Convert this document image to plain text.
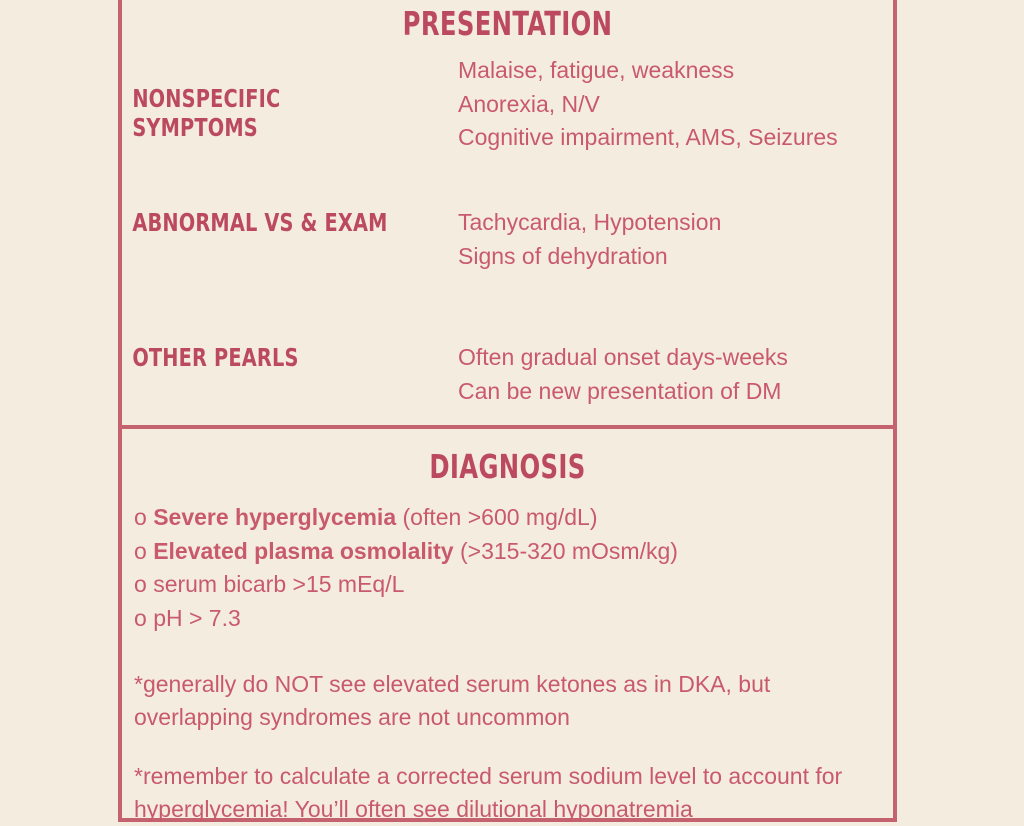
PRESENTATION
NONSPECIFIC SYMPTOMS
Malaise, fatigue, weakness
Anorexia, N/V
Cognitive impairment, AMS, Seizures
ABNORMAL VS & EXAM	Tachycardia, Hypotension
Signs of dehydration
OTHER PEARLS	Often gradual onset days-weeks
Can be new presentation of DM
DIAGNOSIS
o Severe hyperglycemia (often >600 mg/dL)
o Elevated plasma osmolality (>315-320 mOsm/kg)
o serum bicarb >15 mEq/L
o pH > 7.3
*generally do NOT see elevated serum ketones as in DKA, but overlapping syndromes are not uncommon
*remember to calculate a corrected serum sodium level to account for hyperglycemia! You’ll often see dilutional hyponatremia
